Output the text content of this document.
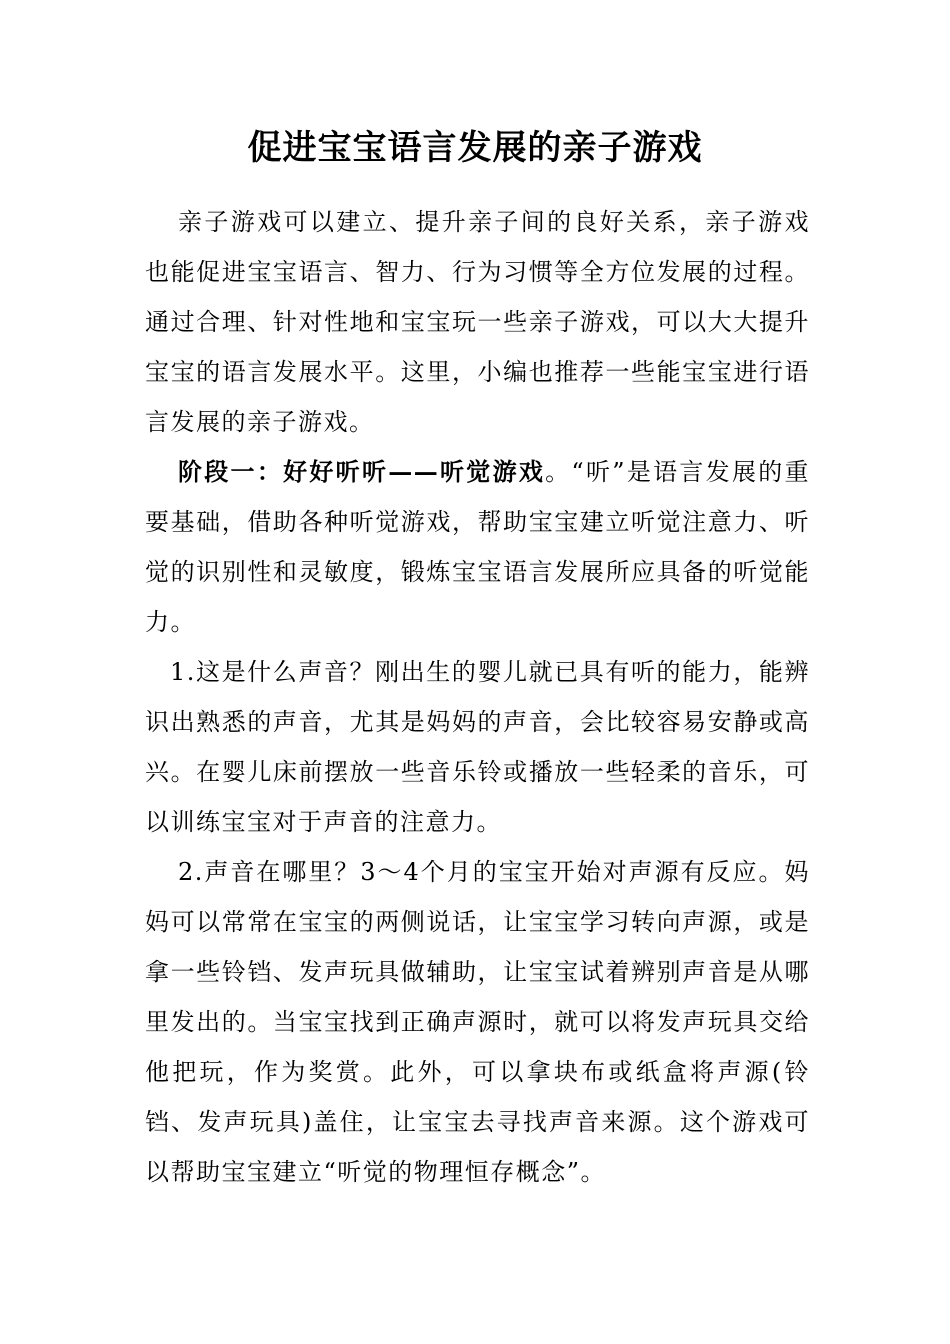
促进宝宝语言发展的亲子游戏

亲子游戏可以建立、提升亲子间的良好关系，亲子游戏也能促进宝宝语言、智力、行为习惯等全方位发展的过程。通过合理、针对性地和宝宝玩一些亲子游戏，可以大大提升宝宝的语言发展水平。这里，小编也推荐一些能宝宝进行语言发展的亲子游戏。

阶段一：好好听听——听觉游戏。“听”是语言发展的重要基础，借助各种听觉游戏，帮助宝宝建立听觉注意力、听觉的识别性和灵敏度，锻炼宝宝语言发展所应具备的听觉能力。

1.这是什么声音？刚出生的婴儿就已具有听的能力，能辨识出熟悉的声音，尤其是妈妈的声音，会比较容易安静或高兴。在婴儿床前摆放一些音乐铃或播放一些轻柔的音乐，可以训练宝宝对于声音的注意力。

2.声音在哪里？3～4个月的宝宝开始对声源有反应。妈妈可以常常在宝宝的两侧说话，让宝宝学习转向声源，或是拿一些铃铛、发声玩具做辅助，让宝宝试着辨别声音是从哪里发出的。当宝宝找到正确声源时，就可以将发声玩具交给他把玩，作为奖赏。此外，可以拿块布或纸盒将声源(铃铛、发声玩具)盖住，让宝宝去寻找声音来源。这个游戏可以帮助宝宝建立“听觉的物理恒存概念”。
